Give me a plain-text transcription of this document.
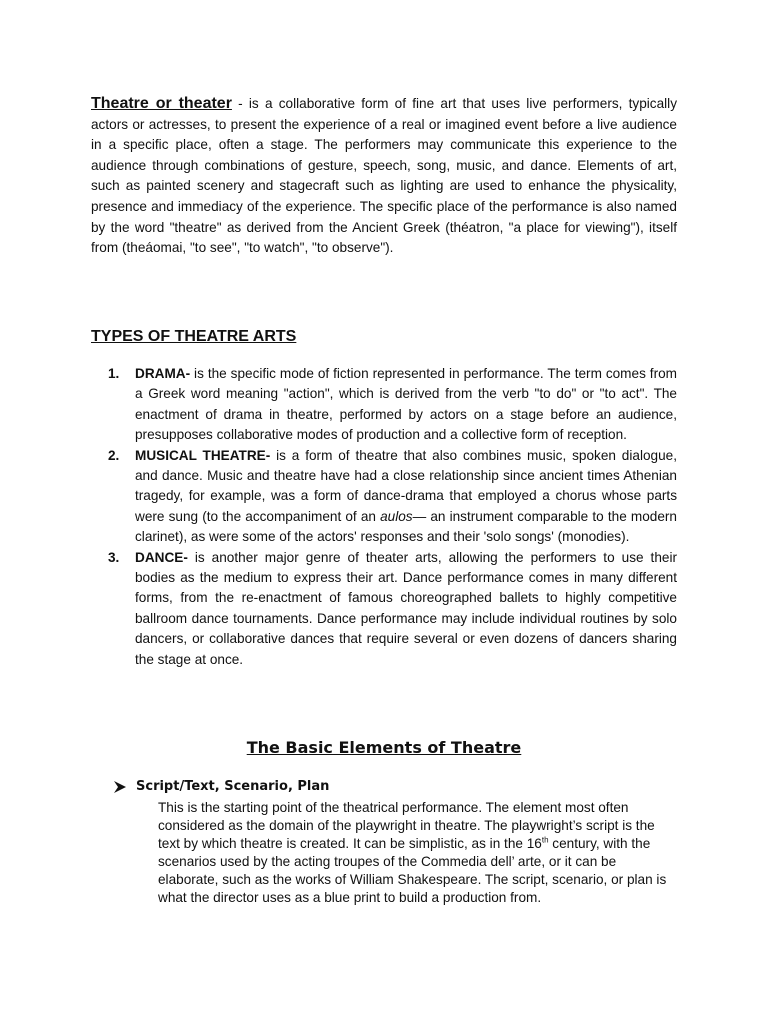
Theatre or theater - is a collaborative form of fine art that uses live performers, typically actors or actresses, to present the experience of a real or imagined event before a live audience in a specific place, often a stage. The performers may communicate this experience to the audience through combinations of gesture, speech, song, music, and dance. Elements of art, such as painted scenery and stagecraft such as lighting are used to enhance the physicality, presence and immediacy of the experience. The specific place of the performance is also named by the word "theatre" as derived from the Ancient Greek (théatron, "a place for viewing"), itself from (theáomai, "to see", "to watch", "to observe").

TYPES OF THEATRE ARTS
1. DRAMA- is the specific mode of fiction represented in performance. The term comes from a Greek word meaning "action", which is derived from the verb "to do" or "to act". The enactment of drama in theatre, performed by actors on a stage before an audience, presupposes collaborative modes of production and a collective form of reception.
2. MUSICAL THEATRE- is a form of theatre that also combines music, spoken dialogue, and dance. Music and theatre have had a close relationship since ancient times Athenian tragedy, for example, was a form of dance-drama that employed a chorus whose parts were sung (to the accompaniment of an aulos— an instrument comparable to the modern clarinet), as were some of the actors' responses and their 'solo songs' (monodies).
3. DANCE- is another major genre of theater arts, allowing the performers to use their bodies as the medium to express their art. Dance performance comes in many different forms, from the re-enactment of famous choreographed ballets to highly competitive ballroom dance tournaments. Dance performance may include individual routines by solo dancers, or collaborative dances that require several or even dozens of dancers sharing the stage at once.
The Basic Elements of Theatre

Script/Text, Scenario, Plan

This is the starting point of the theatrical performance. The element most often considered as the domain of the playwright in theatre. The playwright’s script is the text by which theatre is created. It can be simplistic, as in the 16th century, with the scenarios used by the acting troupes of the Commedia dell’ arte, or it can be elaborate, such as the works of William Shakespeare. The script, scenario, or plan is what the director uses as a blue print to build a production from.
